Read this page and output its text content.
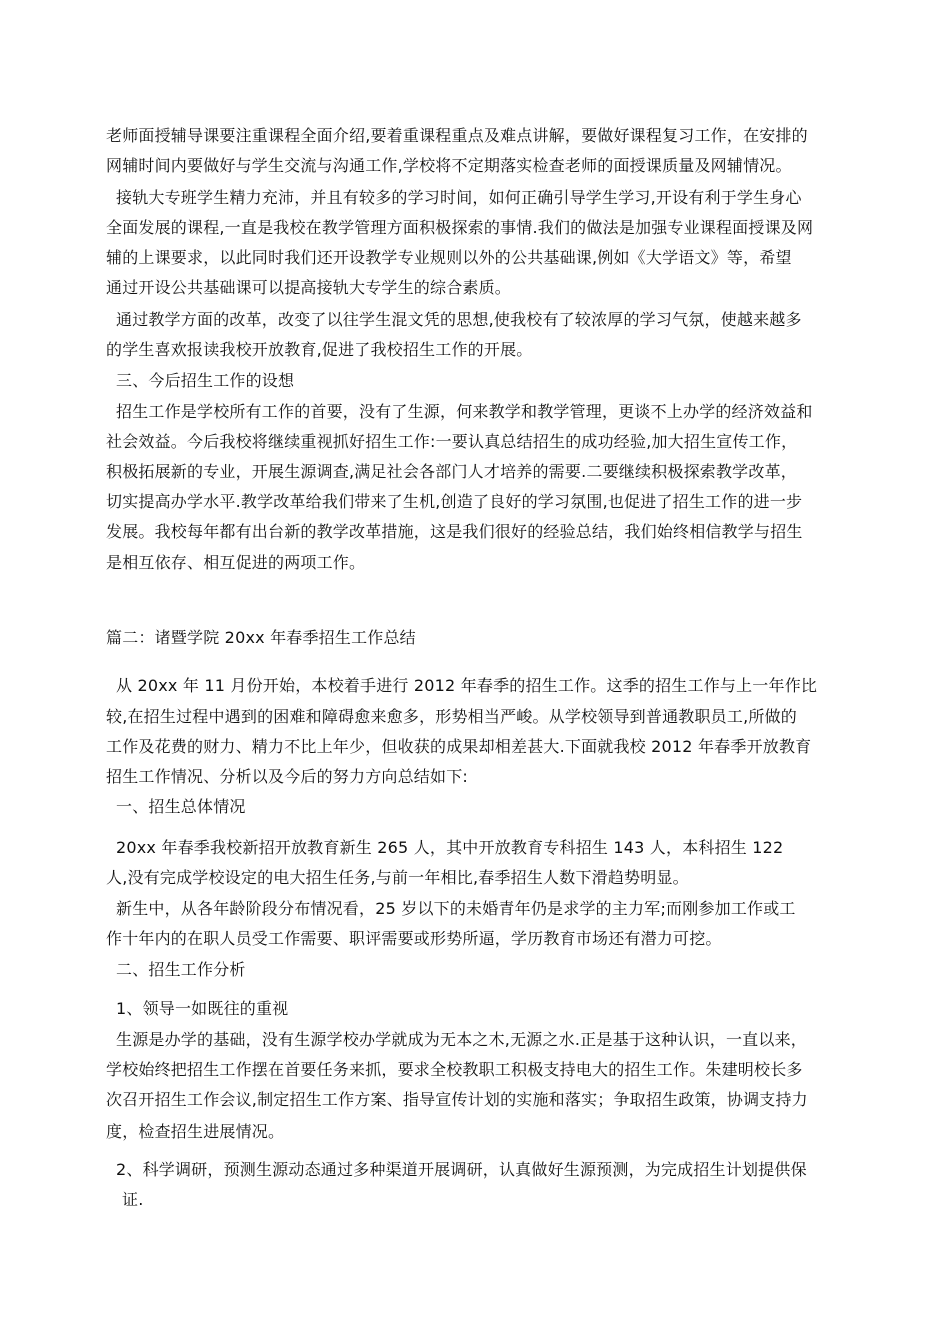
老师面授辅导课要注重课程全面介绍,要着重课程重点及难点讲解，要做好课程复习工作，在安排的
网辅时间内要做好与学生交流与沟通工作,学校将不定期落实检查老师的面授课质量及网辅情况。
接轨大专班学生精力充沛，并且有较多的学习时间，如何正确引导学生学习,开设有利于学生身心
全面发展的课程,一直是我校在教学管理方面积极探索的事情.我们的做法是加强专业课程面授课及网
辅的上课要求，以此同时我们还开设教学专业规则以外的公共基础课,例如《大学语文》等，希望
通过开设公共基础课可以提高接轨大专学生的综合素质。
通过教学方面的改革，改变了以往学生混文凭的思想,使我校有了较浓厚的学习气氛，使越来越多
的学生喜欢报读我校开放教育,促进了我校招生工作的开展。
三、今后招生工作的设想
招生工作是学校所有工作的首要，没有了生源，何来教学和教学管理，更谈不上办学的经济效益和
社会效益。今后我校将继续重视抓好招生工作:一要认真总结招生的成功经验,加大招生宣传工作，
积极拓展新的专业，开展生源调查,满足社会各部门人才培养的需要.二要继续积极探索教学改革，
切实提高办学水平.教学改革给我们带来了生机,创造了良好的学习氛围,也促进了招生工作的进一步
发展。我校每年都有出台新的教学改革措施，这是我们很好的经验总结，我们始终相信教学与招生
是相互依存、相互促进的两项工作。
篇二：诸暨学院 20xx 年春季招生工作总结
从 20xx 年 11 月份开始，本校着手进行 2012 年春季的招生工作。这季的招生工作与上一年作比
较,在招生过程中遇到的困难和障碍愈来愈多，形势相当严峻。从学校领导到普通教职员工,所做的
工作及花费的财力、精力不比上年少，但收获的成果却相差甚大.下面就我校 2012 年春季开放教育
招生工作情况、分析以及今后的努力方向总结如下:
一、招生总体情况
20xx 年春季我校新招开放教育新生 265 人，其中开放教育专科招生 143 人，本科招生 122
人,没有完成学校设定的电大招生任务,与前一年相比,春季招生人数下滑趋势明显。
新生中，从各年龄阶段分布情况看，25 岁以下的未婚青年仍是求学的主力军;而刚参加工作或工
作十年内的在职人员受工作需要、职评需要或形势所逼，学历教育市场还有潜力可挖。
二、招生工作分析
1、领导一如既往的重视
生源是办学的基础，没有生源学校办学就成为无本之木,无源之水.正是基于这种认识，一直以来，
学校始终把招生工作摆在首要任务来抓，要求全校教职工积极支持电大的招生工作。朱建明校长多
次召开招生工作会议,制定招生工作方案、指导宣传计划的实施和落实；争取招生政策，协调支持力
度，检查招生进展情况。
2、科学调研，预测生源动态通过多种渠道开展调研，认真做好生源预测，为完成招生计划提供保
证.
